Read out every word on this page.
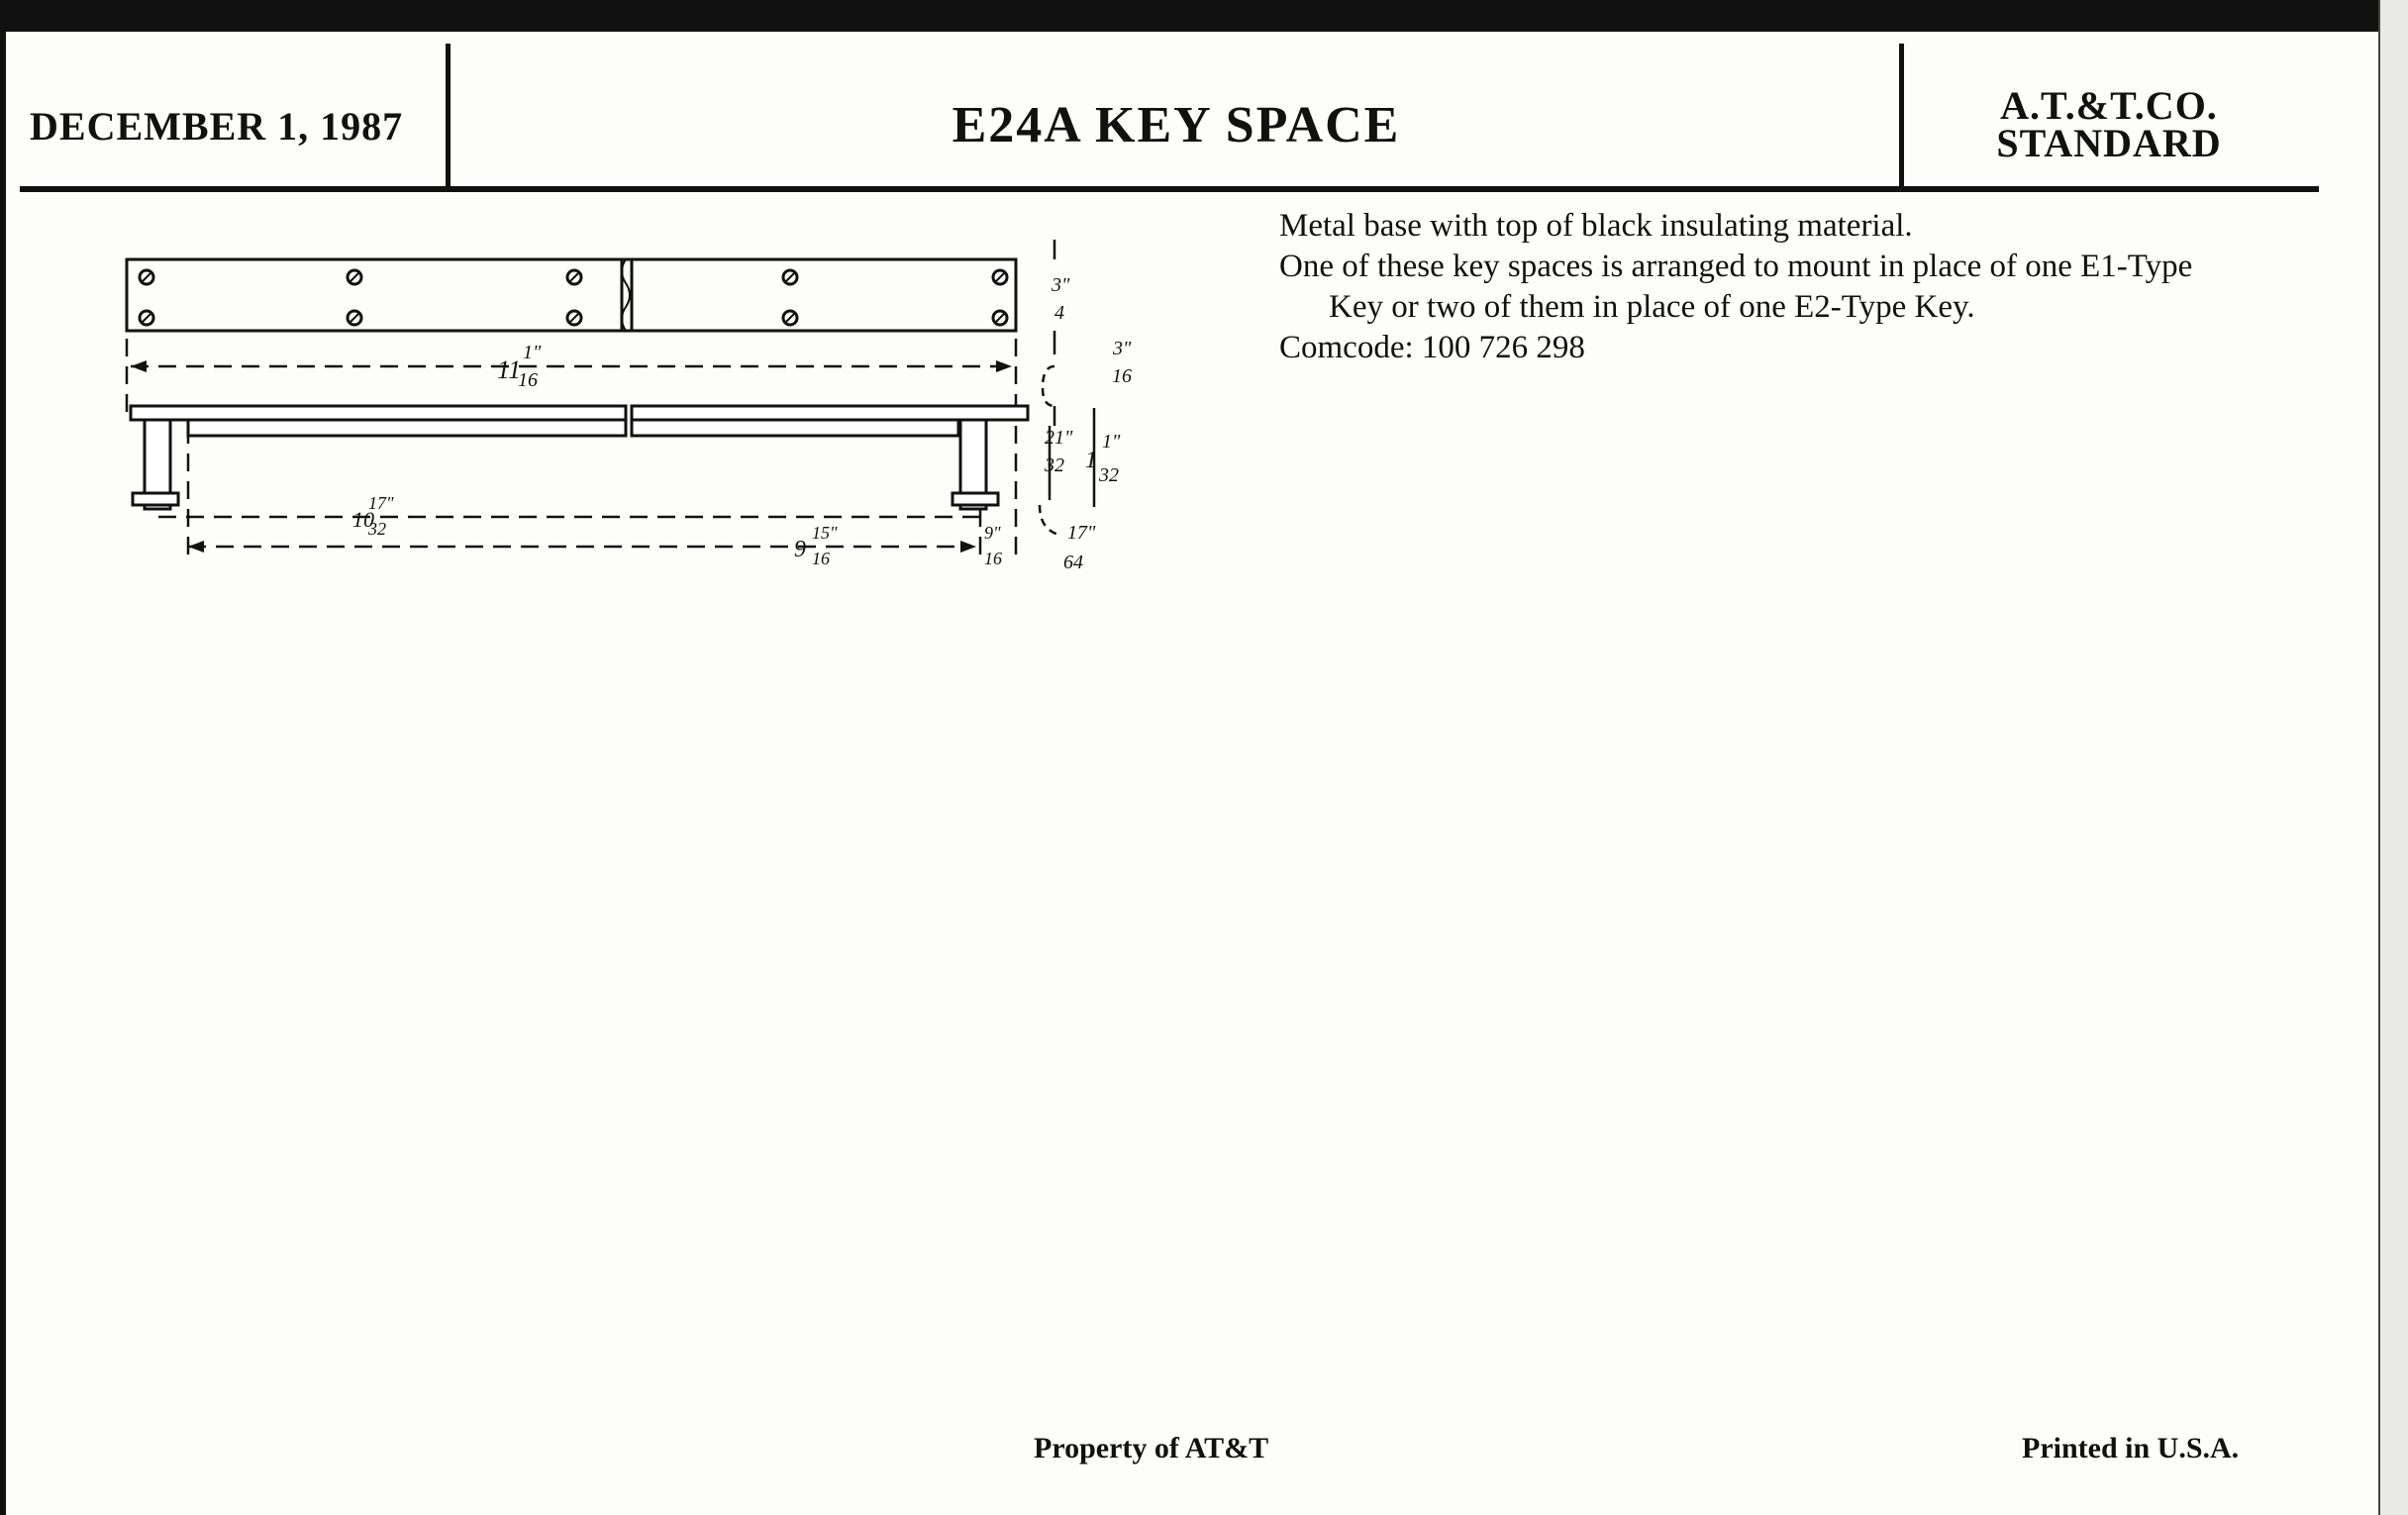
DECEMBER 1, 1987	E24A KEY SPACE	A.T.&T.CO.
STANDARD
Metal base with top of black insulating material.
One of these key spaces is arranged to mount in place of one E1-Type
Key or two of them in place of one E2-Type Key.
Comcode: 100 726 298
11
1"
16
3"
4
3"
16
21"
32 1
1"
32
17"
64
10
17"
32
9
15"
16
9"
16
Property of AT&T	Printed in U.S.A.
